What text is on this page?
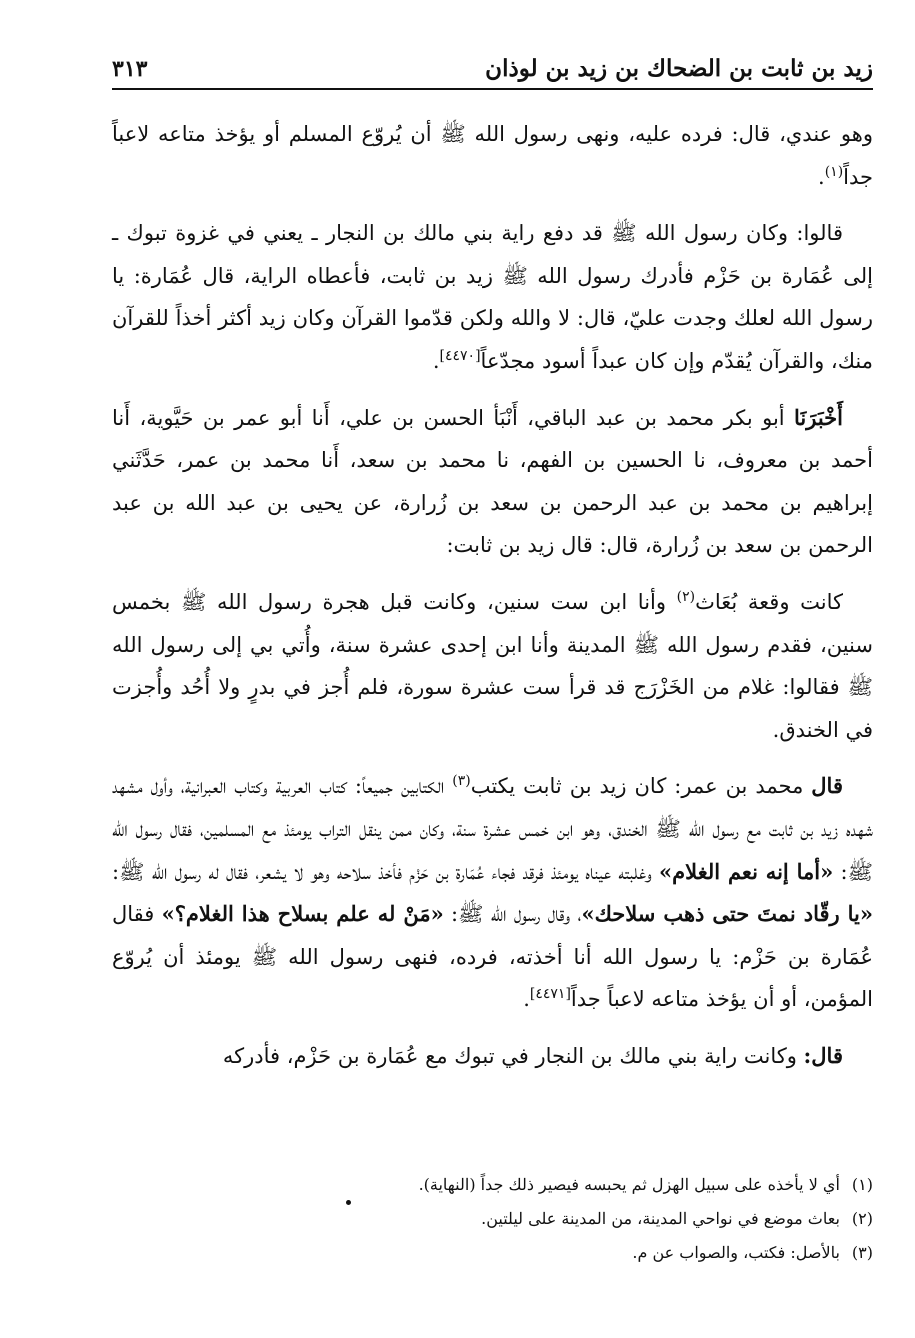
زيد بن ثابت بن الضحاك بن زيد بن لوذان
٣١٣

وهو عندي، قال: فرده عليه، ونهى رسول الله ﷺ أن يُروّع المسلم أو يؤخذ متاعه لاعباً جداً$^{(١)}$.

قالوا: وكان رسول الله ﷺ قد دفع راية بني مالك بن النجار ـ يعني في غزوة تبوك ـ إلى عُمَارة بن حَزْم فأدرك رسول الله ﷺ زيد بن ثابت، فأعطاه الراية، قال عُمَارة: يا رسول الله لعلك وجدت عليّ، قال: لا والله ولكن قدّموا القرآن وكان زيد أكثر أخذاً للقرآن منك، والقرآن يُقدّم وإن كان عبداً أسود مجدّعاً[٤٤٧٠].

أَخْبَرَنَا أبو بكر محمد بن عبد الباقي، أَنْبَأ الحسن بن علي، أَنا أبو عمر بن حَيَّوية، أَنا أحمد بن معروف، نا الحسين بن الفهم، نا محمد بن سعد، أَنا محمد بن عمر، حَدَّثَني إبراهيم بن محمد بن عبد الرحمن بن سعد بن زُرارة، عن يحيى بن عبد الله بن عبد الرحمن بن سعد بن زُرارة، قال: قال زيد بن ثابت:

كانت وقعة بُعَاث$^{(٢)}$ وأنا ابن ست سنين، وكانت قبل هجرة رسول الله ﷺ بخمس سنين، فقدم رسول الله ﷺ المدينة وأنا ابن إحدى عشرة سنة، وأُتي بي إلى رسول الله ﷺ فقالوا: غلام من الخَزْرَج قد قرأ ست عشرة سورة، فلم أُجز في بدرٍ ولا أُحُد وأُجزت في الخندق.

قال محمد بن عمر: كان زيد بن ثابت يكتب$^{(٣)}$ الكتابين جميعاً: كتاب العربية وكتاب العبرانية، وأول مشهد شهده زيد بن ثابت مع رسول الله ﷺ الخندق، وهو ابن خمس عشرة سنة، وكان ممن ينقل التراب يومئذ مع المسلمين، فقال رسول الله ﷺ: «أما إنه نعم الغلام» وغلبته عيناه يومئذ فرقد فجاء عُمَارة بن حَزْم فأخذ سلاحه وهو لا يشعر، فقال له رسول الله ﷺ: «يا رقّاد نمتَ حتى ذهب سلاحك»، وقال رسول الله ﷺ: «مَنْ له علم بسلاح هذا الغلام؟» فقال عُمَارة بن حَزْم: يا رسول الله أنا أخذته، فرده، فنهى رسول الله ﷺ يومئذ أن يُروّع المؤمن، أو أن يؤخذ متاعه لاعباً جداً[٤٤٧١].

قال: وكانت راية بني مالك بن النجار في تبوك مع عُمَارة بن حَزْم، فأدركه

(١)
أي لا يأخذه على سبيل الهزل ثم يحبسه فيصير ذلك جداً (النهاية).
(٢)
بعاث موضع في نواحي المدينة، من المدينة على ليلتين.
(٣)
بالأصل: فكتب، والصواب عن م.
